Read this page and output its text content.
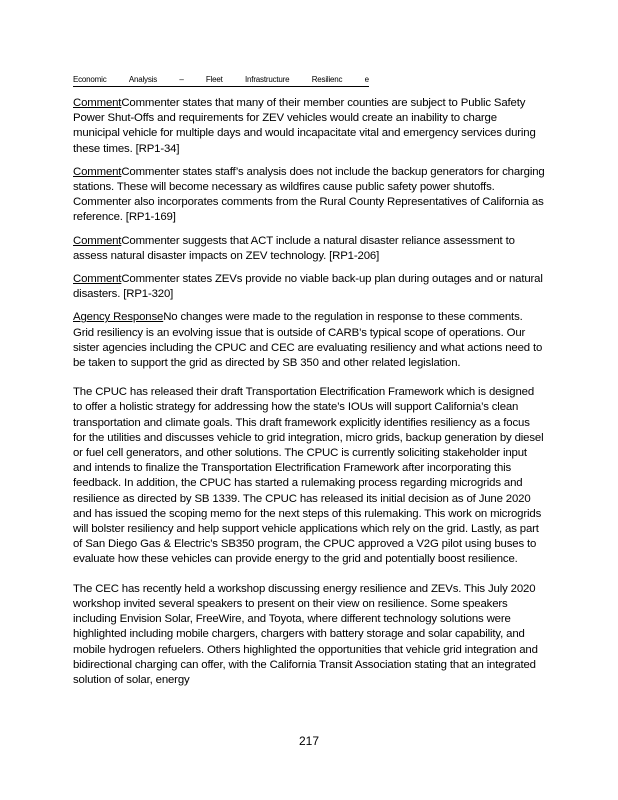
Economic	Analysis	–	Fleet	Infrastructure	Resilienc	e

CommentCommenter states that many of their member counties are subject to Public Safety Power Shut-Offs and requirements for ZEV vehicles would create an inability to charge municipal vehicle for multiple days and would incapacitate vital and emergency services during these times. [RP1-34]

CommentCommenter states staff’s analysis does not include the backup generators for charging stations. These will become necessary as wildfires cause public safety power shutoffs. Commenter also incorporates comments from the Rural County Representatives of California as reference. [RP1-169]

CommentCommenter suggests that ACT include a natural disaster reliance assessment to assess natural disaster impacts on ZEV technology. [RP1-206]

CommentCommenter states ZEVs provide no viable back-up plan during outages and or natural disasters. [RP1-320]

Agency ResponseNo changes were made to the regulation in response to these comments. Grid resiliency is an evolving issue that is outside of CARB’s typical scope of operations. Our sister agencies including the CPUC and CEC are evaluating resiliency and what actions need to be taken to support the grid as directed by SB 350 and other related legislation.

The CPUC has released their draft Transportation Electrification Framework which is designed to offer a holistic strategy for addressing how the state’s IOUs will support California’s clean transportation and climate goals. This draft framework explicitly identifies resiliency as a focus for the utilities and discusses vehicle to grid integration, micro grids, backup generation by diesel or fuel cell generators, and other solutions. The CPUC is currently soliciting stakeholder input and intends to finalize the Transportation Electrification Framework after incorporating this feedback. In addition, the CPUC has started a rulemaking process regarding microgrids and resilience as directed by SB 1339. The CPUC has released its initial decision as of June 2020 and has issued the scoping memo for the next steps of this rulemaking. This work on microgrids will bolster resiliency and help support vehicle applications which rely on the grid. Lastly, as part of San Diego Gas & Electric’s SB350 program, the CPUC approved a V2G pilot using buses to evaluate how these vehicles can provide energy to the grid and potentially boost resilience.

The CEC has recently held a workshop discussing energy resilience and ZEVs. This July 2020 workshop invited several speakers to present on their view on resilience. Some speakers including Envision Solar, FreeWire, and Toyota, where different technology solutions were highlighted including mobile chargers, chargers with battery storage and solar capability, and mobile hydrogen refuelers. Others highlighted the opportunities that vehicle grid integration and bidirectional charging can offer, with the California Transit Association stating that an integrated solution of solar, energy

217
